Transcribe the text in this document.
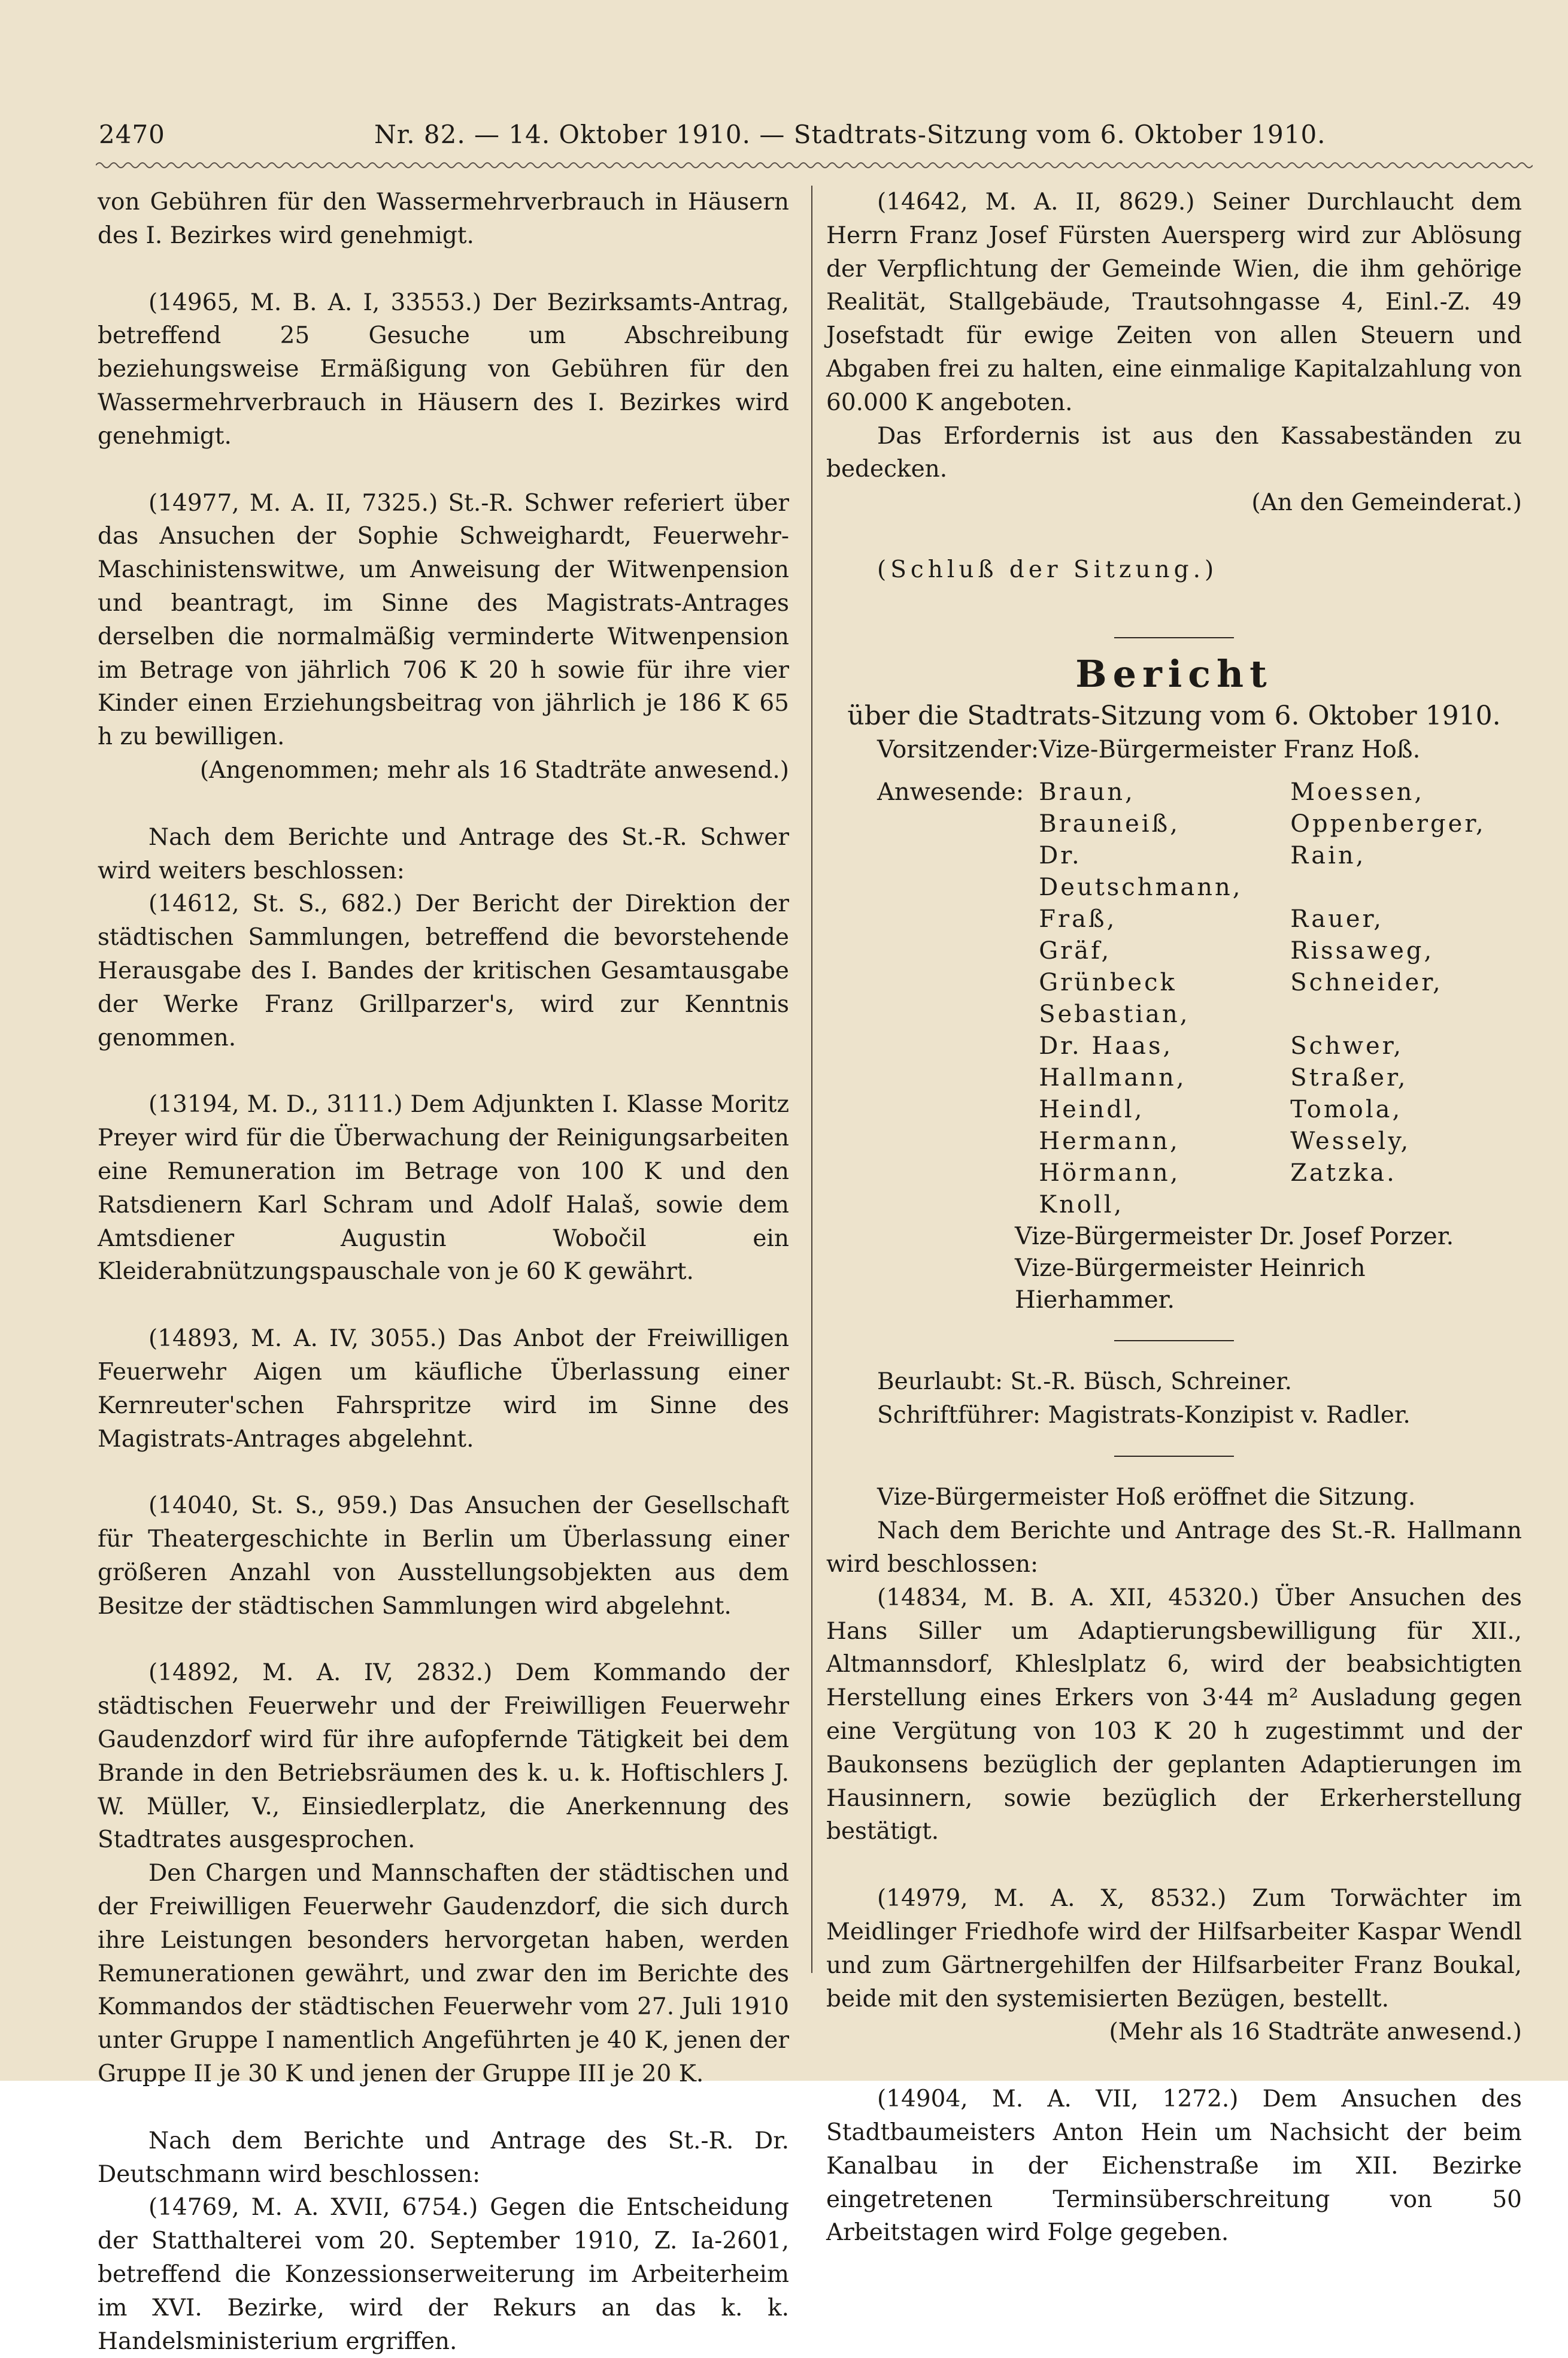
2470	Nr. 82. — 14. Oktober 1910. — Stadtrats-Sitzung vom 6. Oktober 1910.

von Gebühren für den Wassermehrverbrauch in Häusern des I. Bezirkes wird genehmigt.

(14965, M. B. A. I, 33553.) Der Bezirksamts-Antrag, betreffend 25 Gesuche um Abschreibung beziehungsweise Ermäßigung von Gebühren für den Wassermehrverbrauch in Häusern des I. Bezirkes wird genehmigt.

(14977, M. A. II, 7325.) St.-R. Schwer referiert über das Ansuchen der Sophie Schweighardt, Feuerwehr-Maschinistenswitwe, um Anweisung der Witwenpension und beantragt, im Sinne des Magistrats-Antrages derselben die normalmäßig verminderte Witwenpension im Betrage von jährlich 706 K 20 h sowie für ihre vier Kinder einen Erziehungsbeitrag von jährlich je 186 K 65 h zu bewilligen.

(Angenommen; mehr als 16 Stadträte anwesend.)

Nach dem Berichte und Antrage des St.-R. Schwer wird weiters beschlossen:

(14612, St. S., 682.) Der Bericht der Direktion der städtischen Sammlungen, betreffend die bevorstehende Herausgabe des I. Bandes der kritischen Gesamtausgabe der Werke Franz Grillparzer's, wird zur Kenntnis genommen.

(13194, M. D., 3111.) Dem Adjunkten I. Klasse Moritz Preyer wird für die Überwachung der Reinigungsarbeiten eine Remuneration im Betrage von 100 K und den Ratsdienern Karl Schram und Adolf Halaš, sowie dem Amtsdiener Augustin Wobočil ein Kleiderabnützungspauschale von je 60 K gewährt.

(14893, M. A. IV, 3055.) Das Anbot der Freiwilligen Feuerwehr Aigen um käufliche Überlassung einer Kernreuter'schen Fahrspritze wird im Sinne des Magistrats-Antrages abgelehnt.

(14040, St. S., 959.) Das Ansuchen der Gesellschaft für Theatergeschichte in Berlin um Überlassung einer größeren Anzahl von Ausstellungsobjekten aus dem Besitze der städtischen Sammlungen wird abgelehnt.

(14892, M. A. IV, 2832.) Dem Kommando der städtischen Feuerwehr und der Freiwilligen Feuerwehr Gaudenzdorf wird für ihre aufopfernde Tätigkeit bei dem Brande in den Betriebsräumen des k. u. k. Hoftischlers J. W. Müller, V., Einsiedlerplatz, die Anerkennung des Stadtrates ausgesprochen.

Den Chargen und Mannschaften der städtischen und der Freiwilligen Feuerwehr Gaudenzdorf, die sich durch ihre Leistungen besonders hervorgetan haben, werden Remunerationen gewährt, und zwar den im Berichte des Kommandos der städtischen Feuerwehr vom 27. Juli 1910 unter Gruppe I namentlich Angeführten je 40 K, jenen der Gruppe II je 30 K und jenen der Gruppe III je 20 K.

Nach dem Berichte und Antrage des St.-R. Dr. Deutschmann wird beschlossen:

(14769, M. A. XVII, 6754.) Gegen die Entscheidung der Statthalterei vom 20. September 1910, Z. Ia-2601, betreffend die Konzessionserweiterung im Arbeiterheim im XVI. Bezirke, wird der Rekurs an das k. k. Handelsministerium ergriffen.

(14642, M. A. II, 8629.) Seiner Durchlaucht dem Herrn Franz Josef Fürsten Auersperg wird zur Ablösung der Verpflichtung der Gemeinde Wien, die ihm gehörige Realität, Stallgebäude, Trautsohngasse 4, Einl.-Z. 49 Josefstadt für ewige Zeiten von allen Steuern und Abgaben frei zu halten, eine einmalige Kapitalzahlung von 60.000 K angeboten.

Das Erfordernis ist aus den Kassabeständen zu bedecken.

(An den Gemeinderat.)

(Schluß der Sitzung.)

Bericht
über die Stadtrats-Sitzung vom 6. Oktober 1910.
Vorsitzender:	Vize-Bürgermeister Franz Hoß.	

Anwesende:	Braun,	Moessen,
	Brauneiß,	Oppenberger,
	Dr. Deutschmann,	Rain,
	Fraß,	Rauer,
	Gräf,	Rissaweg,
	Grünbeck Sebastian,	Schneider,
	Dr. Haas,	Schwer,
	Hallmann,	Straßer,
	Heindl,	Tomola,
	Hermann,	Wessely,
	Hörmann,	Zatzka.
	Knoll,	
Vize-Bürgermeister Dr. Josef Porzer.
Vize-Bürgermeister Heinrich Hierhammer.

Beurlaubt: St.-R. Büsch, Schreiner.

Schriftführer: Magistrats-Konzipist v. Radler.

Vize-Bürgermeister Hoß eröffnet die Sitzung.

Nach dem Berichte und Antrage des St.-R. Hallmann wird beschlossen:

(14834, M. B. A. XII, 45320.) Über Ansuchen des Hans Siller um Adaptierungsbewilligung für XII., Altmannsdorf, Khleslplatz 6, wird der beabsichtigten Herstellung eines Erkers von 3·44 m² Ausladung gegen eine Vergütung von 103 K 20 h zugestimmt und der Baukonsens bezüglich der geplanten Adaptierungen im Hausinnern, sowie bezüglich der Erkerherstellung bestätigt.

(14979, M. A. X, 8532.) Zum Torwächter im Meidlinger Friedhofe wird der Hilfsarbeiter Kaspar Wendl und zum Gärtnergehilfen der Hilfsarbeiter Franz Boukal, beide mit den systemisierten Bezügen, bestellt.

(Mehr als 16 Stadträte anwesend.)

(14904, M. A. VII, 1272.) Dem Ansuchen des Stadtbaumeisters Anton Hein um Nachsicht der beim Kanalbau in der Eichenstraße im XII. Bezirke eingetretenen Terminsüberschreitung von 50 Arbeitstagen wird Folge gegeben.
